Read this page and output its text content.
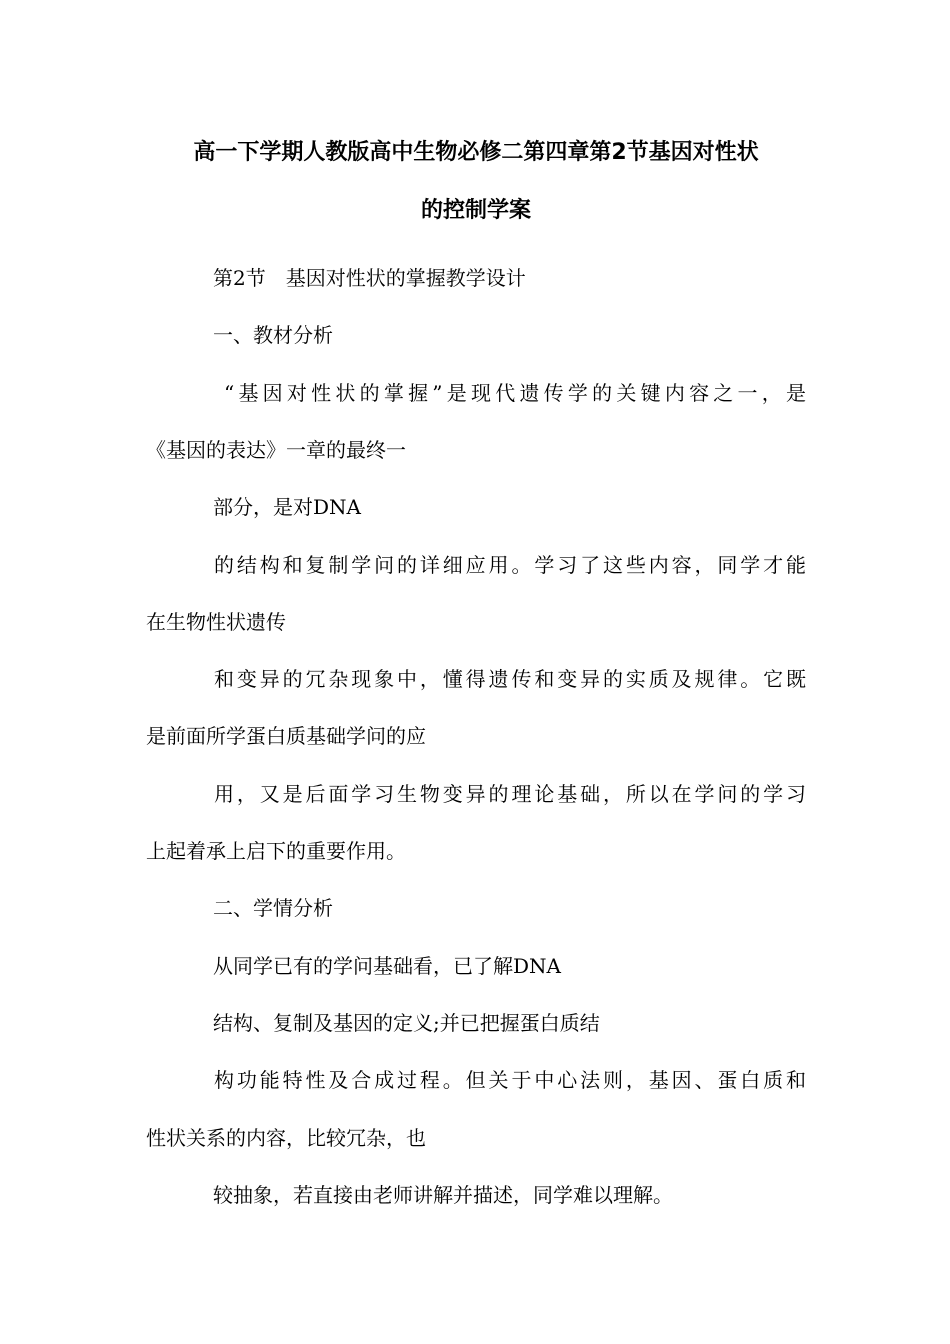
高一下学期人教版高中生物必修二第四章第2节基因对性状
的控制学案
第2节　基因对性状的掌握教学设计
一、教材分析
“基因对性状的掌握”是现代遗传学的关键内容之一，是
《基因的表达》一章的最终一
部分，是对DNA
的结构和复制学问的详细应用。学习了这些内容，同学才能
在生物性状遗传
和变异的冗杂现象中，懂得遗传和变异的实质及规律。它既
是前面所学蛋白质基础学问的应
用，又是后面学习生物变异的理论基础，所以在学问的学习
上起着承上启下的重要作用。
二、学情分析
从同学已有的学问基础看，已了解DNA
结构、复制及基因的定义;并已把握蛋白质结
构功能特性及合成过程。但关于中心法则，基因、蛋白质和
性状关系的内容，比较冗杂，也
较抽象，若直接由老师讲解并描述，同学难以理解。
